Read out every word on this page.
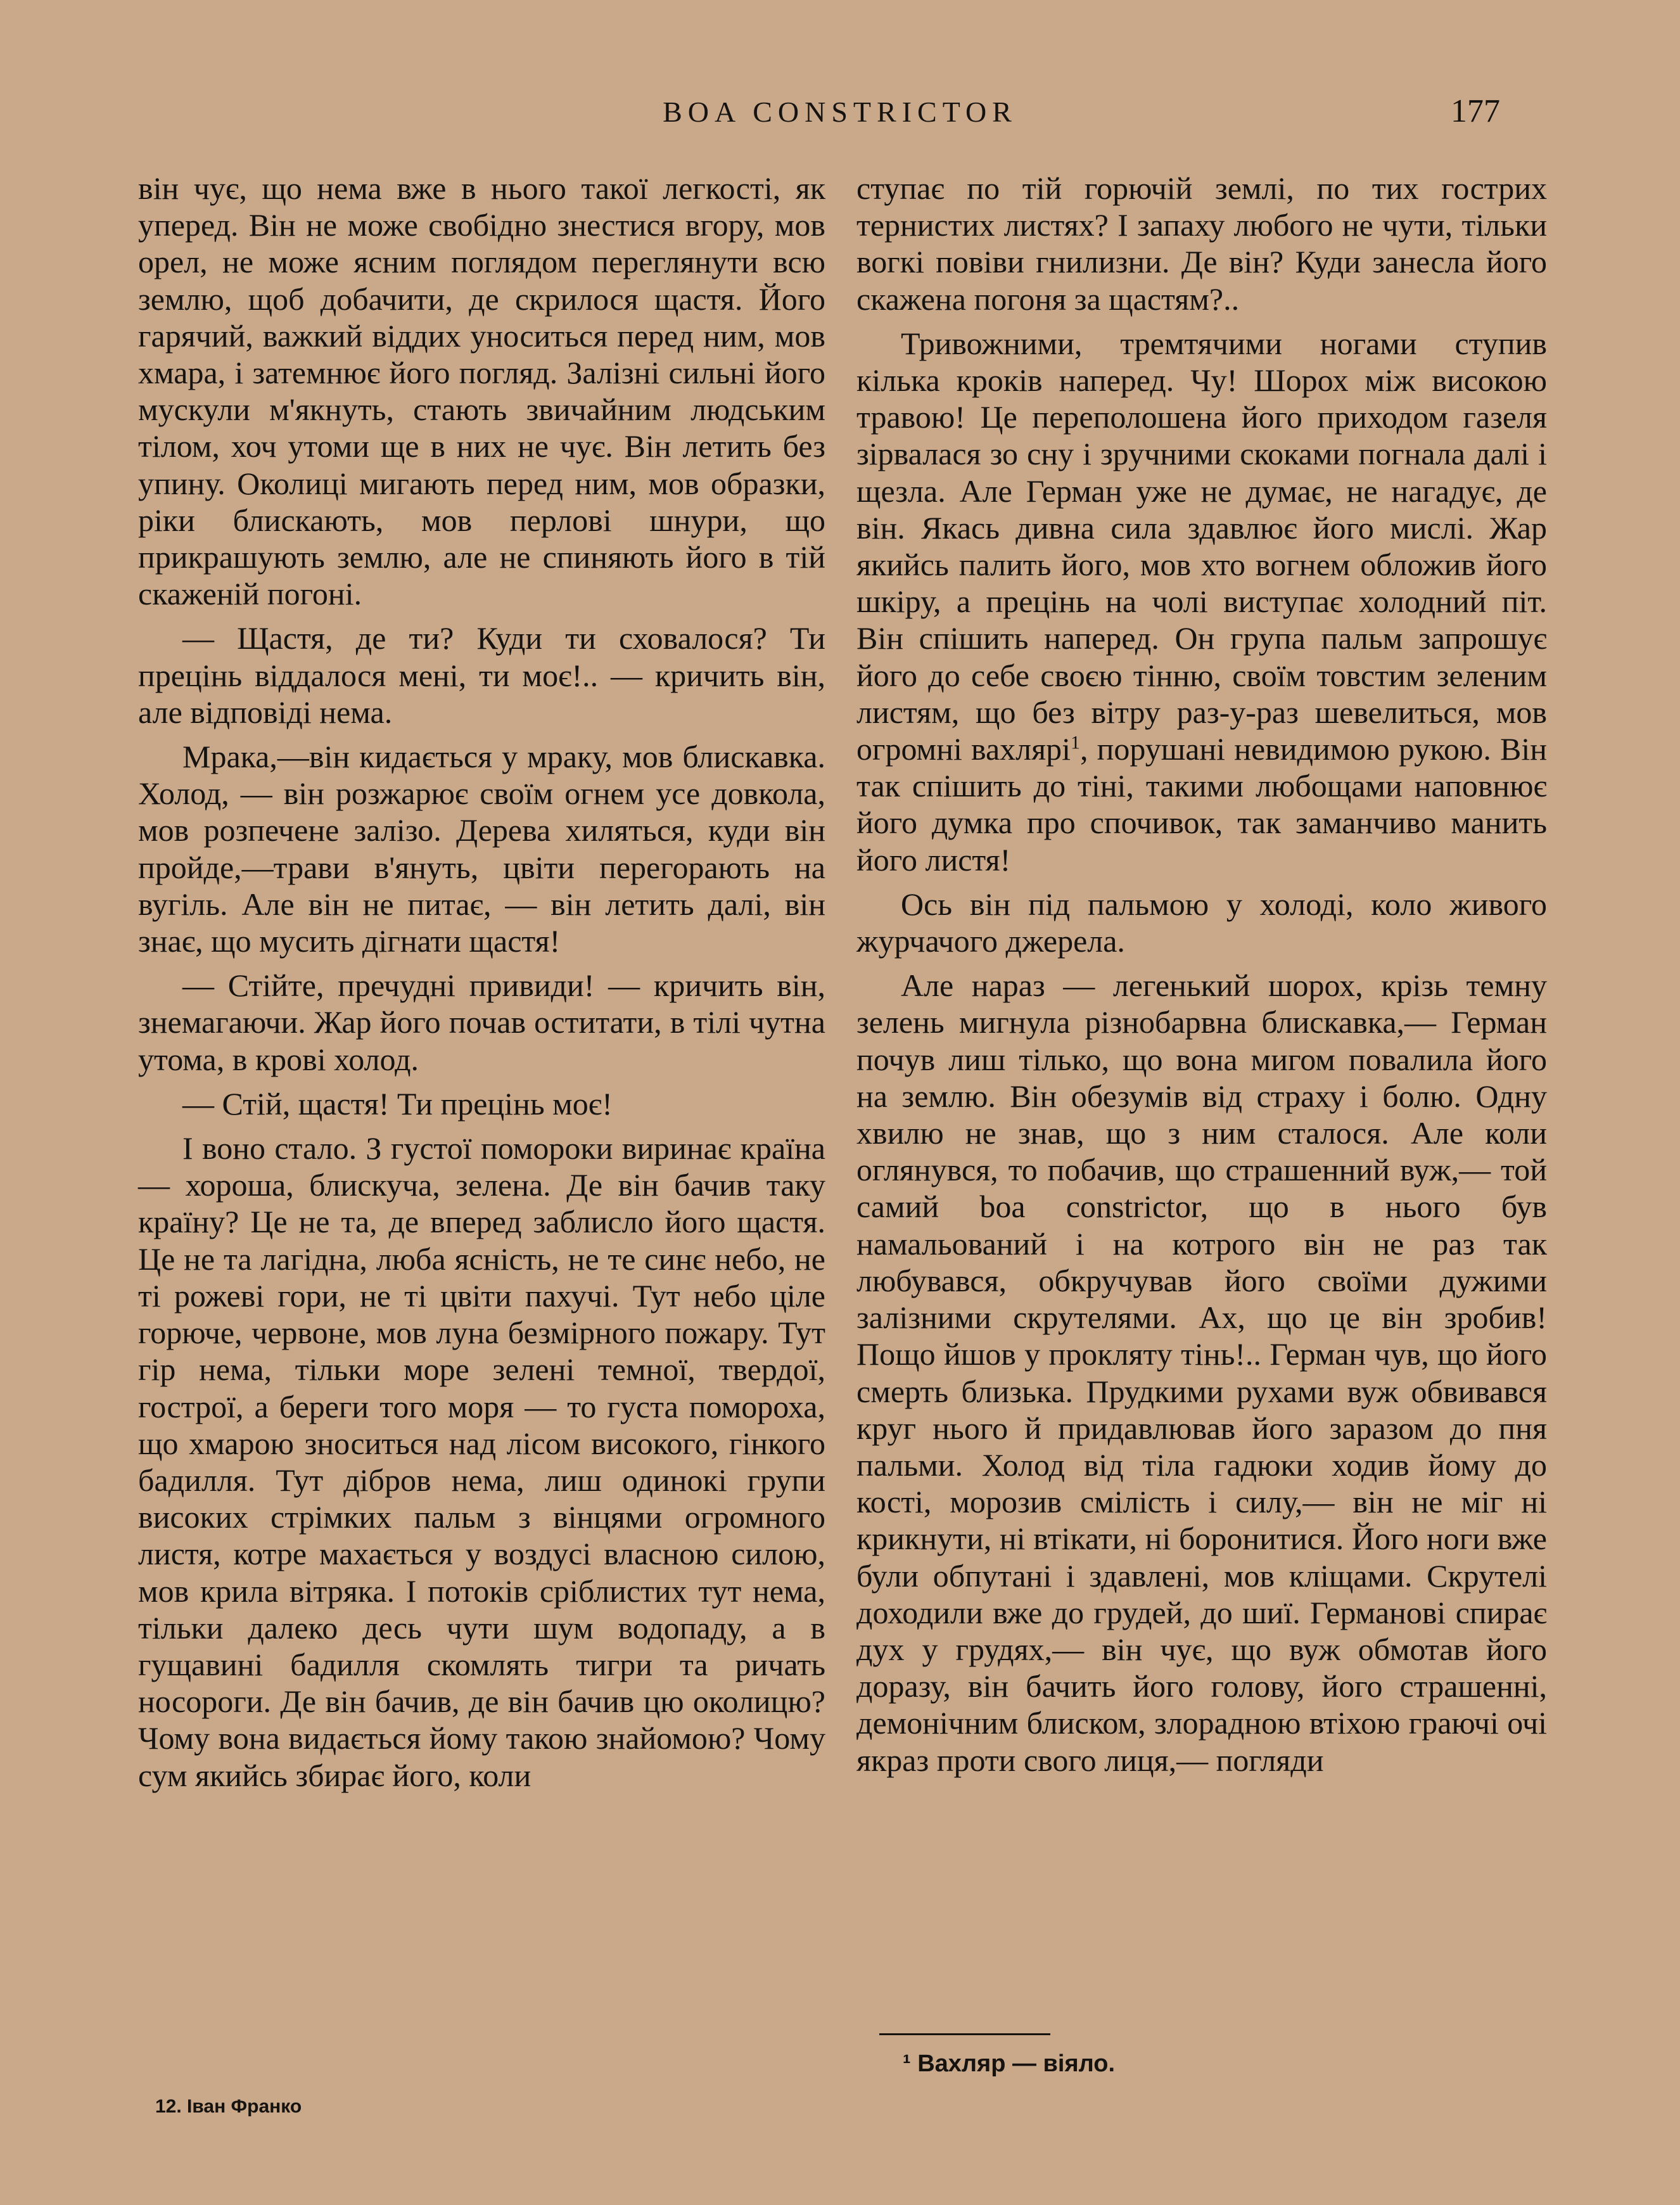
BOA CONSTRICTOR	177

він чує, що нема вже в нього такої легкості, як уперед. Він не може свобідно знестися вгору, мов орел, не може ясним поглядом переглянути всю землю, щоб добачити, де скрилося щастя. Його гарячий, важкий віддих уноситься перед ним, мов хмара, і затемнює його погляд. Залізні сильні його мускули м'якнуть, стають звичайним людським тілом, хоч утоми ще в них не чує. Він летить без упину. Околиці мигають перед ним, мов образки, ріки блискають, мов перлові шнури, що прикрашують землю, але не спиняють його в тій скаженій погоні.

— Щастя, де ти? Куди ти сховалося? Ти прецінь віддалося мені, ти моє!.. — кричить він, але відповіді нема.

Мрака,—він кидається у мраку, мов блискавка. Холод, — він розжарює своїм огнем усе довкола, мов розпечене залізо. Дерева хиляться, куди він пройде,—трави в'януть, цвіти перегорають на вугіль. Але він не питає, — він летить далі, він знає, що мусить дігнати щастя!

— Стійте, пречудні привиди! — кричить він, знемагаючи. Жар його почав оститати, в тілі чутна утома, в крові холод.

— Стій, щастя! Ти прецінь моє!

І воно стало. З густої помороки виринає країна — хороша, блискуча, зелена. Де він бачив таку країну? Це не та, де вперед заблисло його щастя. Це не та лагідна, люба ясність, не те синє небо, не ті рожеві гори, не ті цвіти пахучі. Тут небо ціле горюче, червоне, мов луна безмірного пожару. Тут гір нема, тільки море зелені темної, твердої, гострої, а береги того моря — то густа помороха, що хмарою зноситься над лісом високого, гінкого бадилля. Тут дібров нема, лиш одинокі групи високих стрімких пальм з вінцями огромного листя, котре махається у воздусі власною силою, мов крила вітряка. І потоків сріблистих тут нема, тільки далеко десь чути шум водопаду, а в гущавині бадилля скомлять тигри та ричать носороги. Де він бачив, де він бачив цю околицю? Чому вона видається йому такою знайомою? Чому сум якийсь збирає його, коли

ступає по тій горючій землі, по тих гострих тернистих листях? І запаху любого не чути, тільки вогкі повіви гнилизни. Де він? Куди занесла його скажена погоня за щастям?..

Тривожними, тремтячими ногами ступив кілька кроків наперед. Чу! Шорох між високою травою! Це переполошена його приходом газеля зірвалася зо сну і зручними скоками погнала далі і щезла. Але Герман уже не думає, не нагадує, де він. Якась дивна сила здавлює його мислі. Жар якийсь палить його, мов хто вогнем обложив його шкіру, а прецінь на чолі виступає холодний піт. Він спішить наперед. Он група пальм запрошує його до себе своєю тінню, своїм товстим зеленим листям, що без вітру раз-у-раз шевелиться, мов огромні вахлярі$^1$, порушані невидимою рукою. Він так спішить до тіні, такими любощами наповнює його думка про спочивок, так заманчиво манить його листя!

Ось він під пальмою у холоді, коло живого журчачого джерела.

Але нараз — легенький шорох, крізь темну зелень мигнула різнобарвна блискавка,— Герман почув лиш тілько, що вона мигом повалила його на землю. Він обезумів від страху і болю. Одну хвилю не знав, що з ним сталося. Але коли оглянувся, то побачив, що страшенний вуж,— той самий boa constrictor, що в нього був намальований і на котрого він не раз так любувався, обкручував його своїми дужими залізними скрутелями. Ах, що це він зробив! Пощо йшов у прокляту тінь!.. Герман чув, що його смерть близька. Прудкими рухами вуж обвивався круг нього й придавлював його заразом до пня пальми. Холод від тіла гадюки ходив йому до кості, морозив смілість і силу,— він не міг ні крикнути, ні втікати, ні боронитися. Його ноги вже були обпутані і здавлені, мов кліщами. Скрутелі доходили вже до грудей, до шиї. Германові спирає дух у грудях,— він чує, що вуж обмотав його доразу, він бачить його голову, його страшенні, демонічним блиском, злорадною втіхою граючі очі якраз проти свого лиця,— погляди

¹ Вахляр — віяло.
12. Іван Франко
